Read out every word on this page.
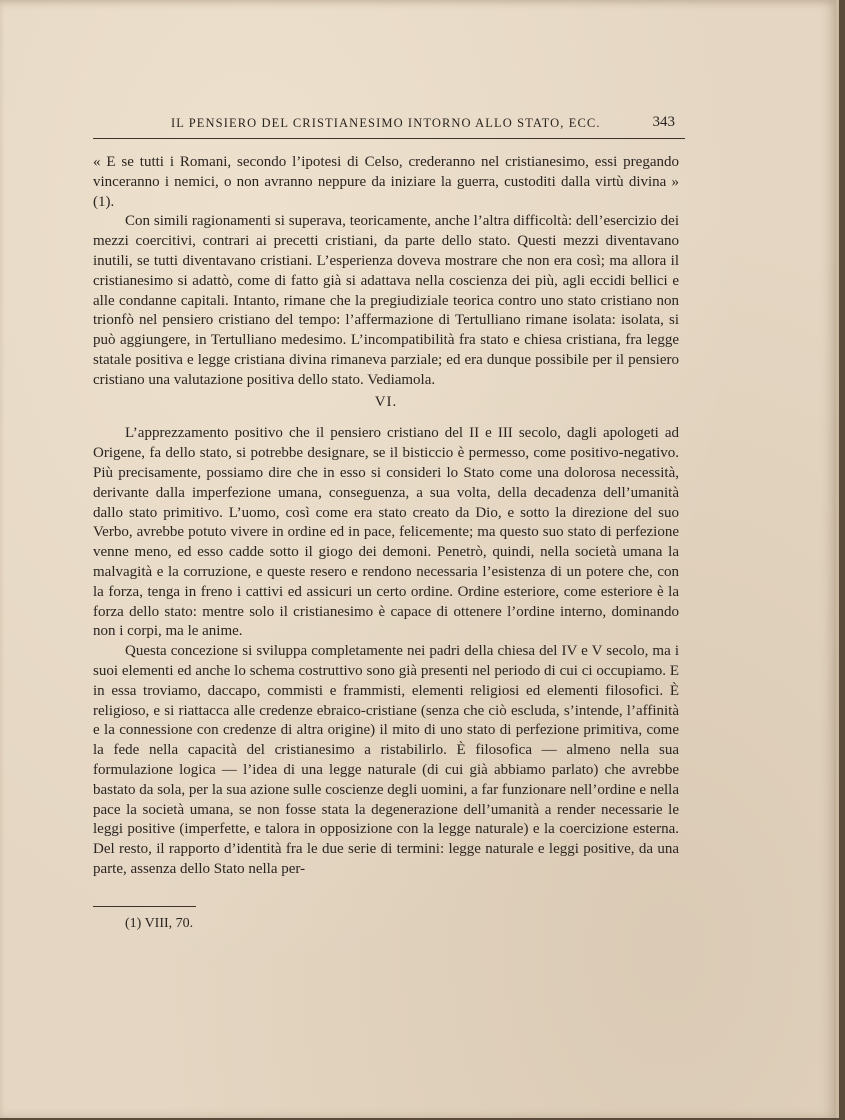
IL PENSIERO DEL CRISTIANESIMO INTORNO ALLO STATO, ECC.	343

« E se tutti i Romani, secondo l’ipotesi di Celso, crederanno nel cristianesimo, essi pregando vinceranno i nemici, o non avranno neppure da iniziare la guerra, custoditi dalla virtù divina » (1).

Con simili ragionamenti si superava, teoricamente, anche l’altra difficoltà: dell’esercizio dei mezzi coercitivi, contrari ai precetti cristiani, da parte dello stato. Questi mezzi diventavano inutili, se tutti diventavano cristiani. L’esperienza doveva mostrare che non era così; ma allora il cristianesimo si adattò, come di fatto già si adattava nella coscienza dei più, agli eccidi bellici e alle condanne capitali. Intanto, rimane che la pregiudiziale teorica contro uno stato cristiano non trionfò nel pensiero cristiano del tempo: l’affermazione di Tertulliano rimane isolata: isolata, si può aggiungere, in Tertulliano medesimo. L’incompatibilità fra stato e chiesa cristiana, fra legge statale positiva e legge cristiana divina rimaneva parziale; ed era dunque possibile per il pensiero cristiano una valutazione positiva dello stato. Vediamola.

VI.

L’apprezzamento positivo che il pensiero cristiano del II e III secolo, dagli apologeti ad Origene, fa dello stato, si potrebbe designare, se il bisticcio è permesso, come positivo-negativo. Più precisamente, possiamo dire che in esso si consideri lo Stato come una dolorosa necessità, derivante dalla imperfezione umana, conseguenza, a sua volta, della decadenza dell’umanità dallo stato primitivo. L’uomo, così come era stato creato da Dio, e sotto la direzione del suo Verbo, avrebbe potuto vivere in ordine ed in pace, felicemente; ma questo suo stato di perfezione venne meno, ed esso cadde sotto il giogo dei demoni. Penetrò, quindi, nella società umana la malvagità e la corruzione, e queste resero e rendono necessaria l’esistenza di un potere che, con la forza, tenga in freno i cattivi ed assicuri un certo ordine. Ordine esteriore, come esteriore è la forza dello stato: mentre solo il cristianesimo è capace di ottenere l’ordine interno, dominando non i corpi, ma le anime.

Questa concezione si sviluppa completamente nei padri della chiesa del IV e V secolo, ma i suoi elementi ed anche lo schema costruttivo sono già presenti nel periodo di cui ci occupiamo. E in essa troviamo, daccapo, commisti e frammisti, elementi religiosi ed elementi filosofici. È religioso, e si riattacca alle credenze ebraico-cristiane (senza che ciò escluda, s’intende, l’affinità e la connessione con credenze di altra origine) il mito di uno stato di perfezione primitiva, come la fede nella capacità del cristianesimo a ristabilirlo. È filosofica — almeno nella sua formulazione logica — l’idea di una legge naturale (di cui già abbiamo parlato) che avrebbe bastato da sola, per la sua azione sulle coscienze degli uomini, a far funzionare nell’ordine e nella pace la società umana, se non fosse stata la degenerazione dell’umanità a render necessarie le leggi positive (imperfette, e talora in opposizione con la legge naturale) e la coercizione esterna. Del resto, il rapporto d’identità fra le due serie di termini: legge naturale e leggi positive, da una parte, assenza dello Stato nella per-

(1) VIII, 70.
